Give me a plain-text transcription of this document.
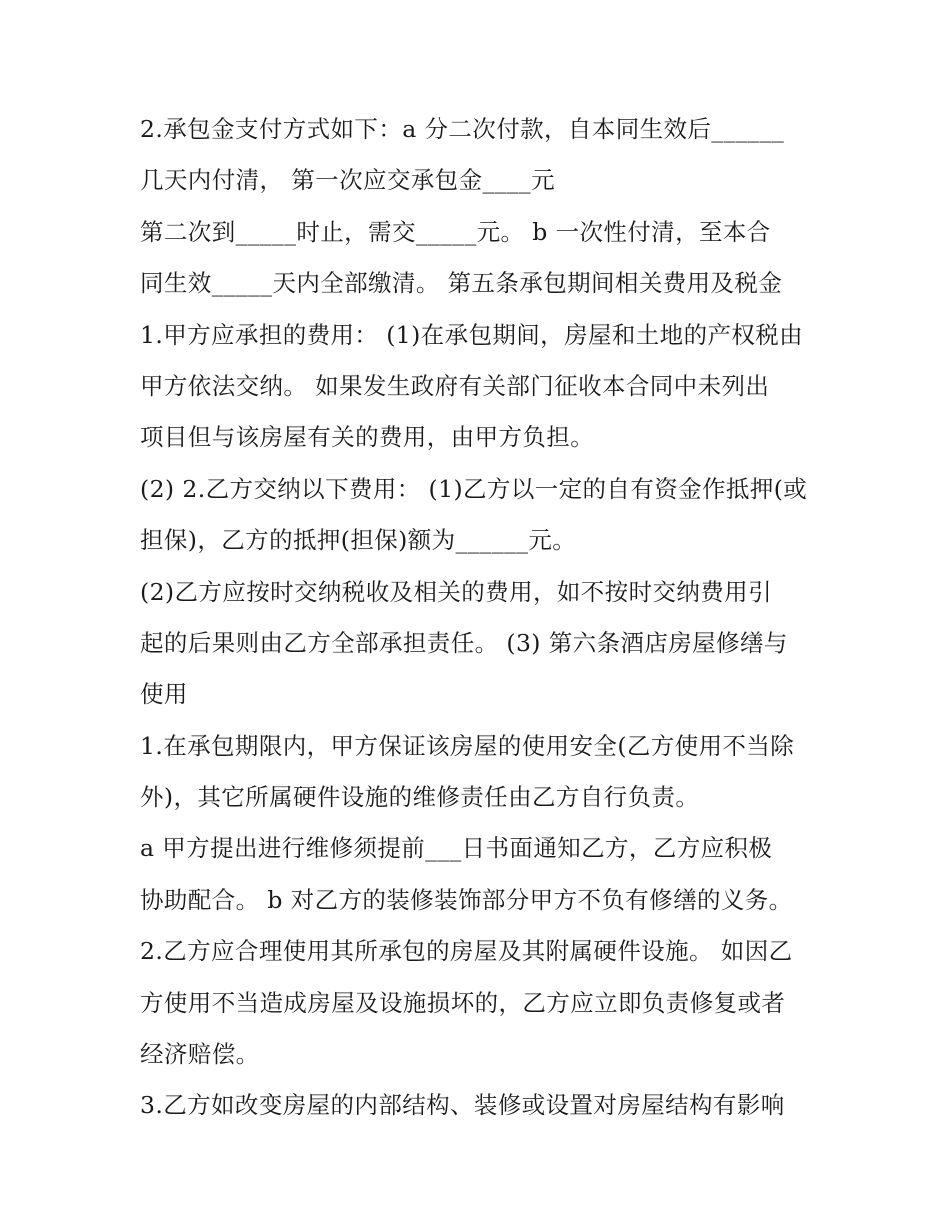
2.承包金支付方式如下：a 分二次付款，自本同生效后______
几天内付清， 第一次应交承包金____元
第二次到_____时止，需交_____元。 b 一次性付清，至本合
同生效_____天内全部缴清。 第五条承包期间相关费用及税金
1.甲方应承担的费用： (1)在承包期间，房屋和土地的产权税由
甲方依法交纳。 如果发生政府有关部门征收本合同中未列出
项目但与该房屋有关的费用，由甲方负担。
(2) 2.乙方交纳以下费用： (1)乙方以一定的自有资金作抵押(或
担保)，乙方的抵押(担保)额为______元。
(2)乙方应按时交纳税收及相关的费用，如不按时交纳费用引
起的后果则由乙方全部承担责任。 (3) 第六条酒店房屋修缮与
使用
1.在承包期限内，甲方保证该房屋的使用安全(乙方使用不当除
外)，其它所属硬件设施的维修责任由乙方自行负责。
a 甲方提出进行维修须提前___日书面通知乙方，乙方应积极
协助配合。 b 对乙方的装修装饰部分甲方不负有修缮的义务。
2.乙方应合理使用其所承包的房屋及其附属硬件设施。 如因乙
方使用不当造成房屋及设施损坏的，乙方应立即负责修复或者
经济赔偿。
3.乙方如改变房屋的内部结构、装修或设置对房屋结构有影响
